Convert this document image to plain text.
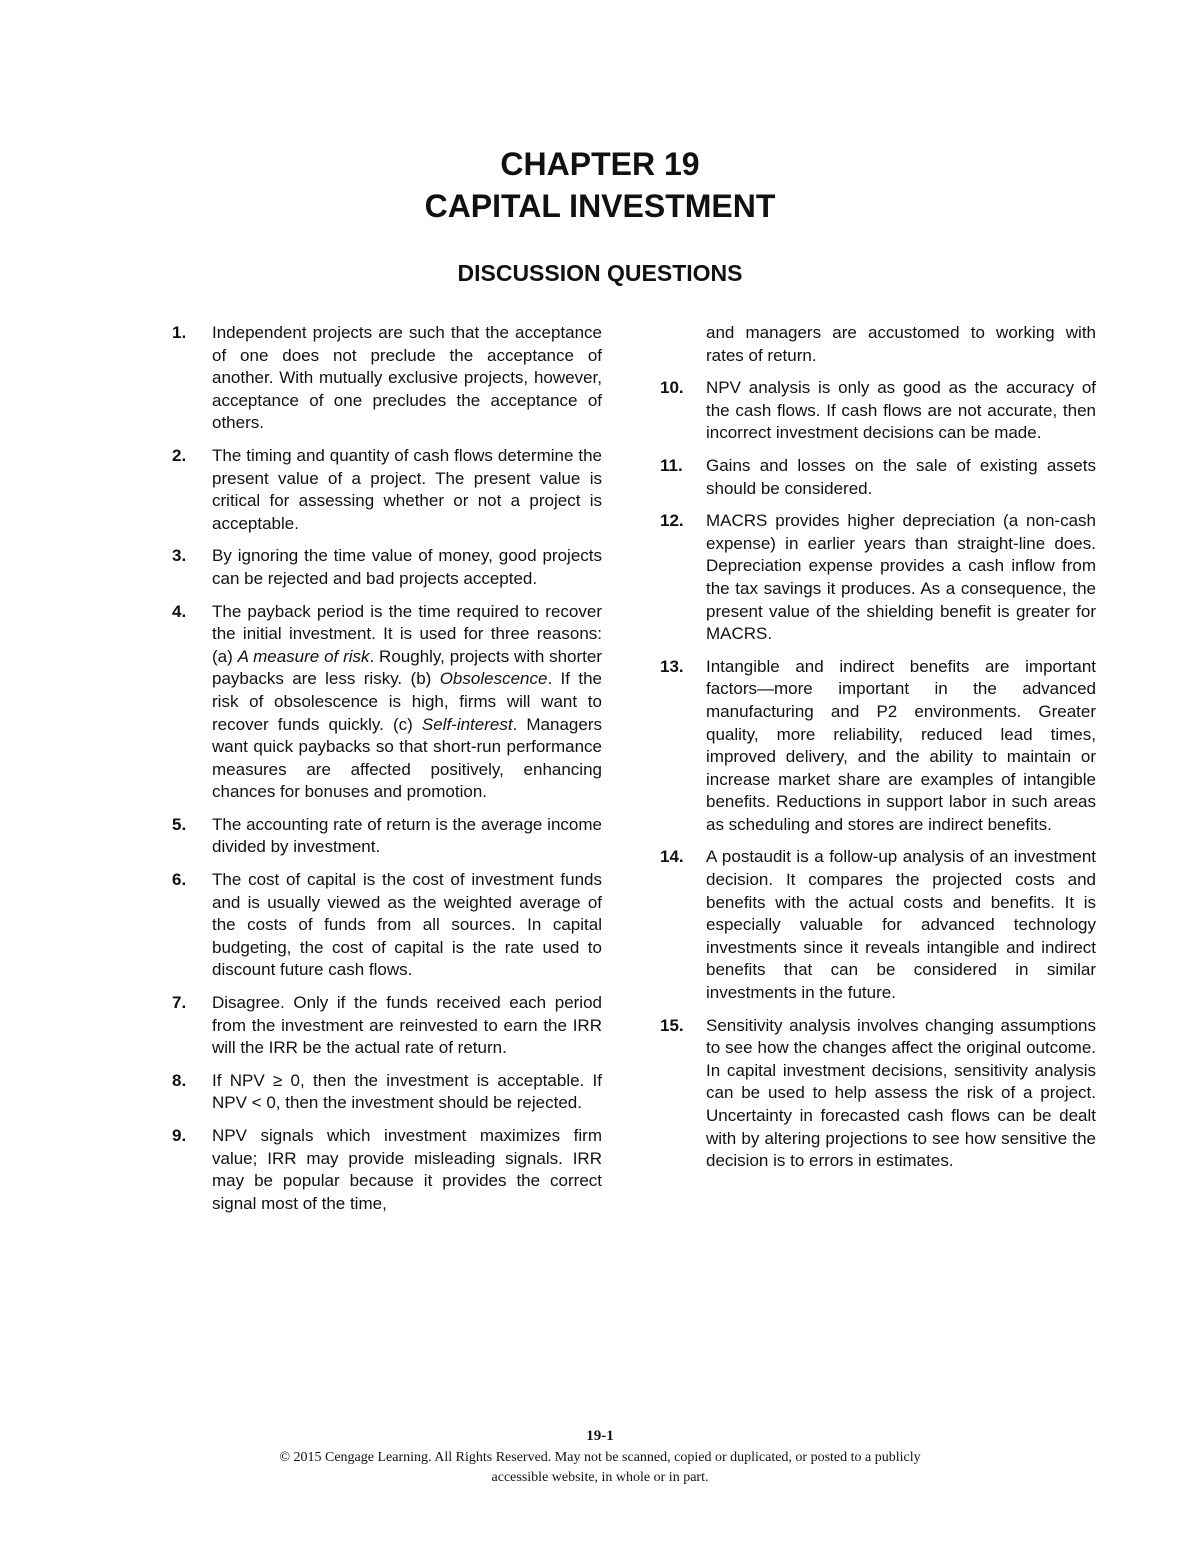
CHAPTER 19
CAPITAL INVESTMENT
DISCUSSION QUESTIONS
1. Independent projects are such that the acceptance of one does not preclude the acceptance of another. With mutually exclusive projects, however, acceptance of one precludes the acceptance of others.
2. The timing and quantity of cash flows determine the present value of a project. The present value is critical for assessing whether or not a project is acceptable.
3. By ignoring the time value of money, good projects can be rejected and bad projects accepted.
4. The payback period is the time required to recover the initial investment. It is used for three reasons: (a) A measure of risk. Roughly, projects with shorter paybacks are less risky. (b) Obsolescence. If the risk of obsolescence is high, firms will want to recover funds quickly. (c) Self-interest. Managers want quick paybacks so that short-run performance measures are affected positively, enhancing chances for bonuses and promotion.
5. The accounting rate of return is the average income divided by investment.
6. The cost of capital is the cost of investment funds and is usually viewed as the weighted average of the costs of funds from all sources. In capital budgeting, the cost of capital is the rate used to discount future cash flows.
7. Disagree. Only if the funds received each period from the investment are reinvested to earn the IRR will the IRR be the actual rate of return.
8. If NPV ≥ 0, then the investment is acceptable. If NPV < 0, then the investment should be rejected.
9. NPV signals which investment maximizes firm value; IRR may provide misleading signals. IRR may be popular because it provides the correct signal most of the time,
and managers are accustomed to working with rates of return.
10. NPV analysis is only as good as the accuracy of the cash flows. If cash flows are not accurate, then incorrect investment decisions can be made.
11. Gains and losses on the sale of existing assets should be considered.
12. MACRS provides higher depreciation (a non-cash expense) in earlier years than straight-line does. Depreciation expense provides a cash inflow from the tax savings it produces. As a consequence, the present value of the shielding benefit is greater for MACRS.
13. Intangible and indirect benefits are important factors—more important in the advanced manufacturing and P2 environments. Greater quality, more reliability, reduced lead times, improved delivery, and the ability to maintain or increase market share are examples of intangible benefits. Reductions in support labor in such areas as scheduling and stores are indirect benefits.
14. A postaudit is a follow-up analysis of an investment decision. It compares the projected costs and benefits with the actual costs and benefits. It is especially valuable for advanced technology investments since it reveals intangible and indirect benefits that can be considered in similar investments in the future.
15. Sensitivity analysis involves changing assumptions to see how the changes affect the original outcome. In capital investment decisions, sensitivity analysis can be used to help assess the risk of a project. Uncertainty in forecasted cash flows can be dealt with by altering projections to see how sensitive the decision is to errors in estimates.
19-1
© 2015 Cengage Learning. All Rights Reserved. May not be scanned, copied or duplicated, or posted to a publicly
accessible website, in whole or in part.
